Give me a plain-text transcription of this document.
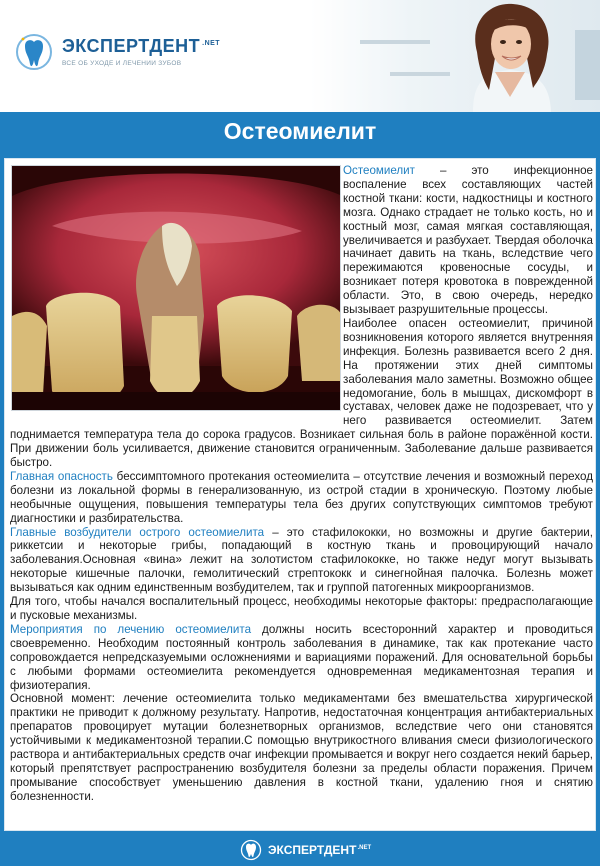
ЭКСПЕРТДЕНТ $^{.NET}$
ВСЕ ОБ УХОДЕ И ЛЕЧЕНИИ ЗУБОВ
Остеомиелит

Остеомиелит – это инфекционное воспаление всех составляющих частей костной ткани: кости, надкостницы и костного мозга. Однако страдает не только кость, но и костный мозг, самая мягкая составляющая, увеличивается и разбухает. Твердая оболочка начинает давить на ткань, вследствие чего пережимаются кровеносные сосуды, и возникает потеря кровотока в поврежденной области. Это, в свою очередь, нередко вызывает разрушительные процессы.

Наиболее опасен остеомиелит, причиной возникновения которого является внутренняя инфекция. Болезнь развивается всего 2 дня. На протяжении этих дней симптомы заболевания мало заметны. Возможно общее недомогание, боль в мышцах, дискомфорт в суставах, человек даже не подозревает, что у него развивается остеомиелит. Затем поднимается температура тела до сорока градусов. Возникает сильная боль в районе поражённой кости. При движении боль усиливается, движение становится ограниченным. Заболевание дальше развивается быстро.

Главная опасность бессимптомного протекания остеомиелита – отсутствие лечения и возможный переход болезни из локальной формы в генерализованную, из острой стадии в хроническую. Поэтому любые необычные ощущения, повышения температуры тела без других сопутствующих симптомов требуют диагностики и разбирательства.

Главные возбудители острого остеомиелита – это стафилококки, но возможны и другие бактерии, риккетсии и некоторые грибы, попадающий в костную ткань и провоцирующий начало заболевания.Основная «вина» лежит на золотистом стафилококке, но также недуг могут вызывать некоторые кишечные палочки, гемолитический стрептококк и синегнойная палочка. Болезнь может вызываться как одним единственным возбудителем, так и группой патогенных микроорганизмов.

Для того, чтобы начался воспалительный процесс, необходимы некоторые факторы: предрасполагающие и пусковые механизмы.

Мероприятия по лечению остеомиелита должны носить всесторонний характер и проводиться своевременно. Необходим постоянный контроль заболевания в динамике, так как протекание часто сопровождается непредсказуемыми осложнениями и вариациями поражений. Для основательной борьбы с любыми формами остеомиелита рекомендуется одновременная медикаментозная терапия и физиотерапия.

Основной момент: лечение остеомиелита только медикаментами без вмешательства хирургической практики не приводит к должному результату. Напротив, недостаточная концентрация антибактериальных препаратов провоцирует мутации болезнетворных организмов, вследствие чего они становятся устойчивыми к медикаментозной терапии.С помощью внутрикостного вливания смеси физиологического раствора и антибактериальных средств очаг инфекции промывается и вокруг него создается некий барьер, который препятствует распространению возбудителя болезни за пределы области поражения. Причем промывание способствует уменьшению давления в костной ткани, удалению гноя и снятию болезненности.

ЭКСПЕРТДЕНТ$^{.NET}$
